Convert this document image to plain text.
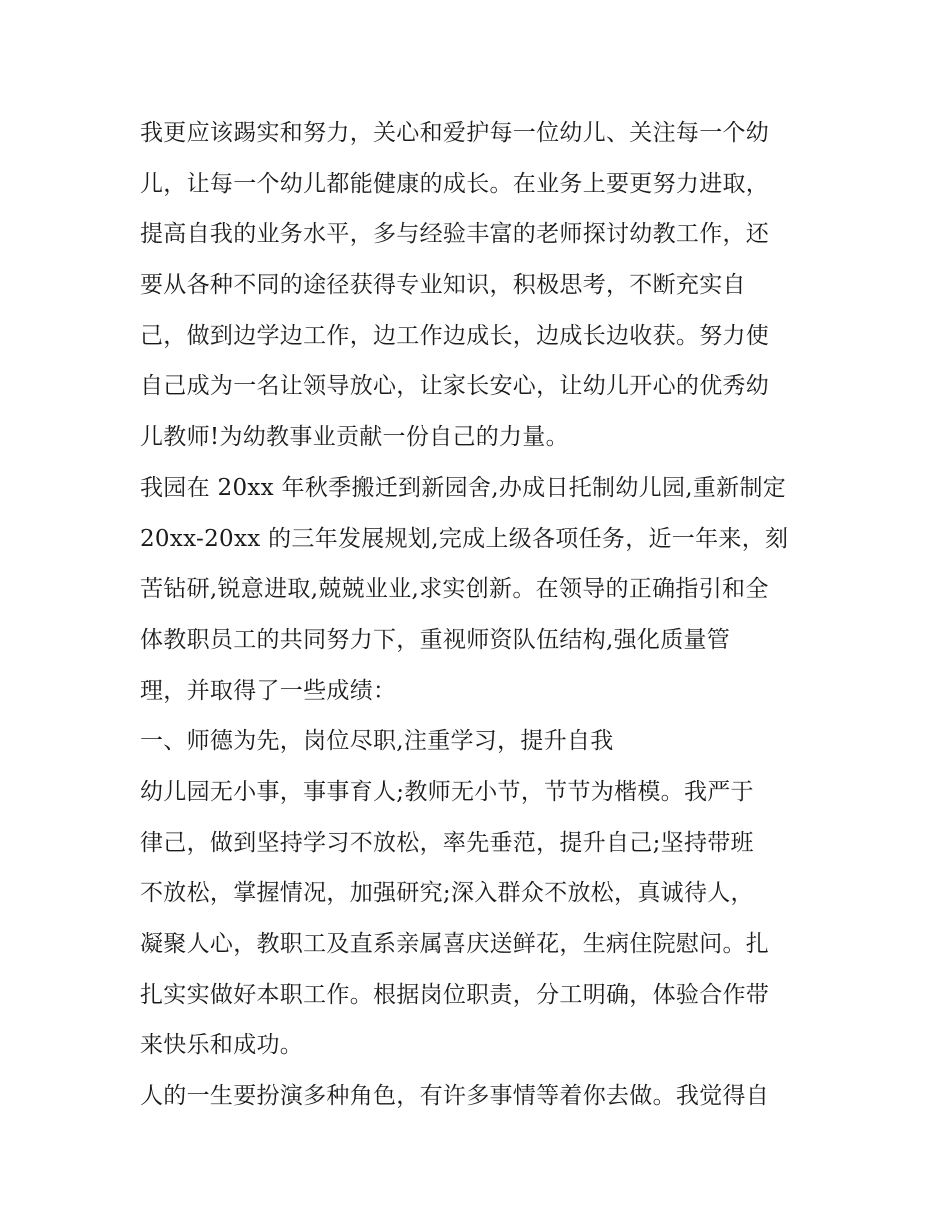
我更应该踢实和努力，关心和爱护每一位幼儿、关注每一个幼
儿，让每一个幼儿都能健康的成长。在业务上要更努力进取，
提高自我的业务水平，多与经验丰富的老师探讨幼教工作，还
要从各种不同的途径获得专业知识，积极思考，不断充实自
己，做到边学边工作，边工作边成长，边成长边收获。努力使
自己成为一名让领导放心，让家长安心，让幼儿开心的优秀幼
儿教师!为幼教事业贡献一份自己的力量。
我园在 20xx 年秋季搬迁到新园舍,办成日托制幼儿园,重新制定
20xx-20xx 的三年发展规划,完成上级各项任务，近一年来，刻
苦钻研,锐意进取,兢兢业业,求实创新。在领导的正确指引和全
体教职员工的共同努力下，重视师资队伍结构,强化质量管
理，并取得了一些成绩：
一、师德为先，岗位尽职,注重学习，提升自我
幼儿园无小事，事事育人;教师无小节，节节为楷模。我严于
律己，做到坚持学习不放松，率先垂范，提升自己;坚持带班
不放松，掌握情况，加强研究;深入群众不放松，真诚待人，
凝聚人心，教职工及直系亲属喜庆送鲜花，生病住院慰问。扎
扎实实做好本职工作。根据岗位职责，分工明确，体验合作带
来快乐和成功。
人的一生要扮演多种角色，有许多事情等着你去做。我觉得自
